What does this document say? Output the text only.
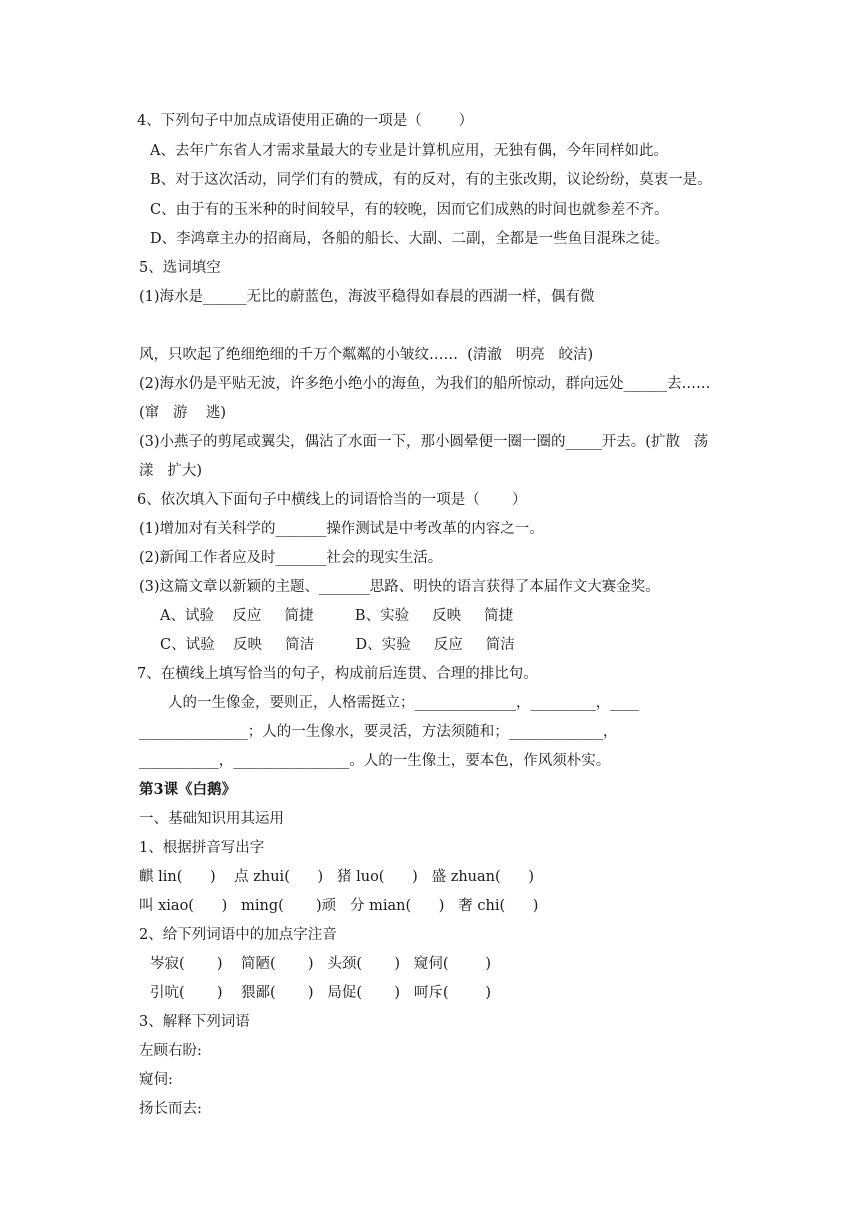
4、下列句子中加点成语使用正确的一项是（        ）
A、去年广东省人才需求量最大的专业是计算机应用，无独有偶，今年同样如此。
B、对于这次活动，同学们有的赞成，有的反对，有的主张改期，议论纷纷，莫衷一是。
C、由于有的玉米种的时间较早，有的较晚，因而它们成熟的时间也就参差不齐。
D、李鸿章主办的招商局，各船的船长、大副、二副，全都是一些鱼目混珠之徒。
5、选词填空
(1)海水是______无比的蔚蓝色，海波平稳得如春晨的西湖一样，偶有微
风，只吹起了绝细绝细的千万个粼粼的小皱纹……  (清澈   明亮   皎洁)
(2)海水仍是平贴无波，许多绝小绝小的海鱼，为我们的船所惊动，群向远处______去……
(窜   游    逃)
(3)小燕子的剪尾或翼尖，偶沾了水面一下，那小圆晕便一圈一圈的_____开去。(扩散   荡
漾   扩大)
6、依次填入下面句子中横线上的词语恰当的一项是（       ）
(1)增加对有关科学的_______操作测试是中考改革的内容之一。
(2)新闻工作者应及时_______社会的现实生活。
(3)这篇文章以新颖的主题、_______思路、明快的语言获得了本届作文大赛金奖。
A、试验    反应     简捷         B、实验     反映     简捷
C、试验    反映     简洁         D、实验     反应     简洁
7、在横线上填写恰当的句子，构成前后连贯、合理的排比句。
人的一生像金，要则正，人格需挺立；______________，_________，____
_______________；人的一生像水，要灵活，方法须随和；_____________，
___________，________________。人的一生像土，要本色，作风须朴实。
第3课《白鹅》
一、基础知识用其运用
1、根据拼音写出字
麒 lin(      )    点 zhui(      )   猪 luo(      )   盛 zhuan(      )
叫 xiao(      )   ming(       )顽   分 mian(      )   奢 chi(      )
2、给下列词语中的加点字注音
岑寂(       )    简陋(       )   头颈(       )   窥伺(        )
引吭(       )    猥鄙(       )   局促(       )   呵斥(        )
3、解释下列词语
左顾右盼:
窥伺:
扬长而去:
